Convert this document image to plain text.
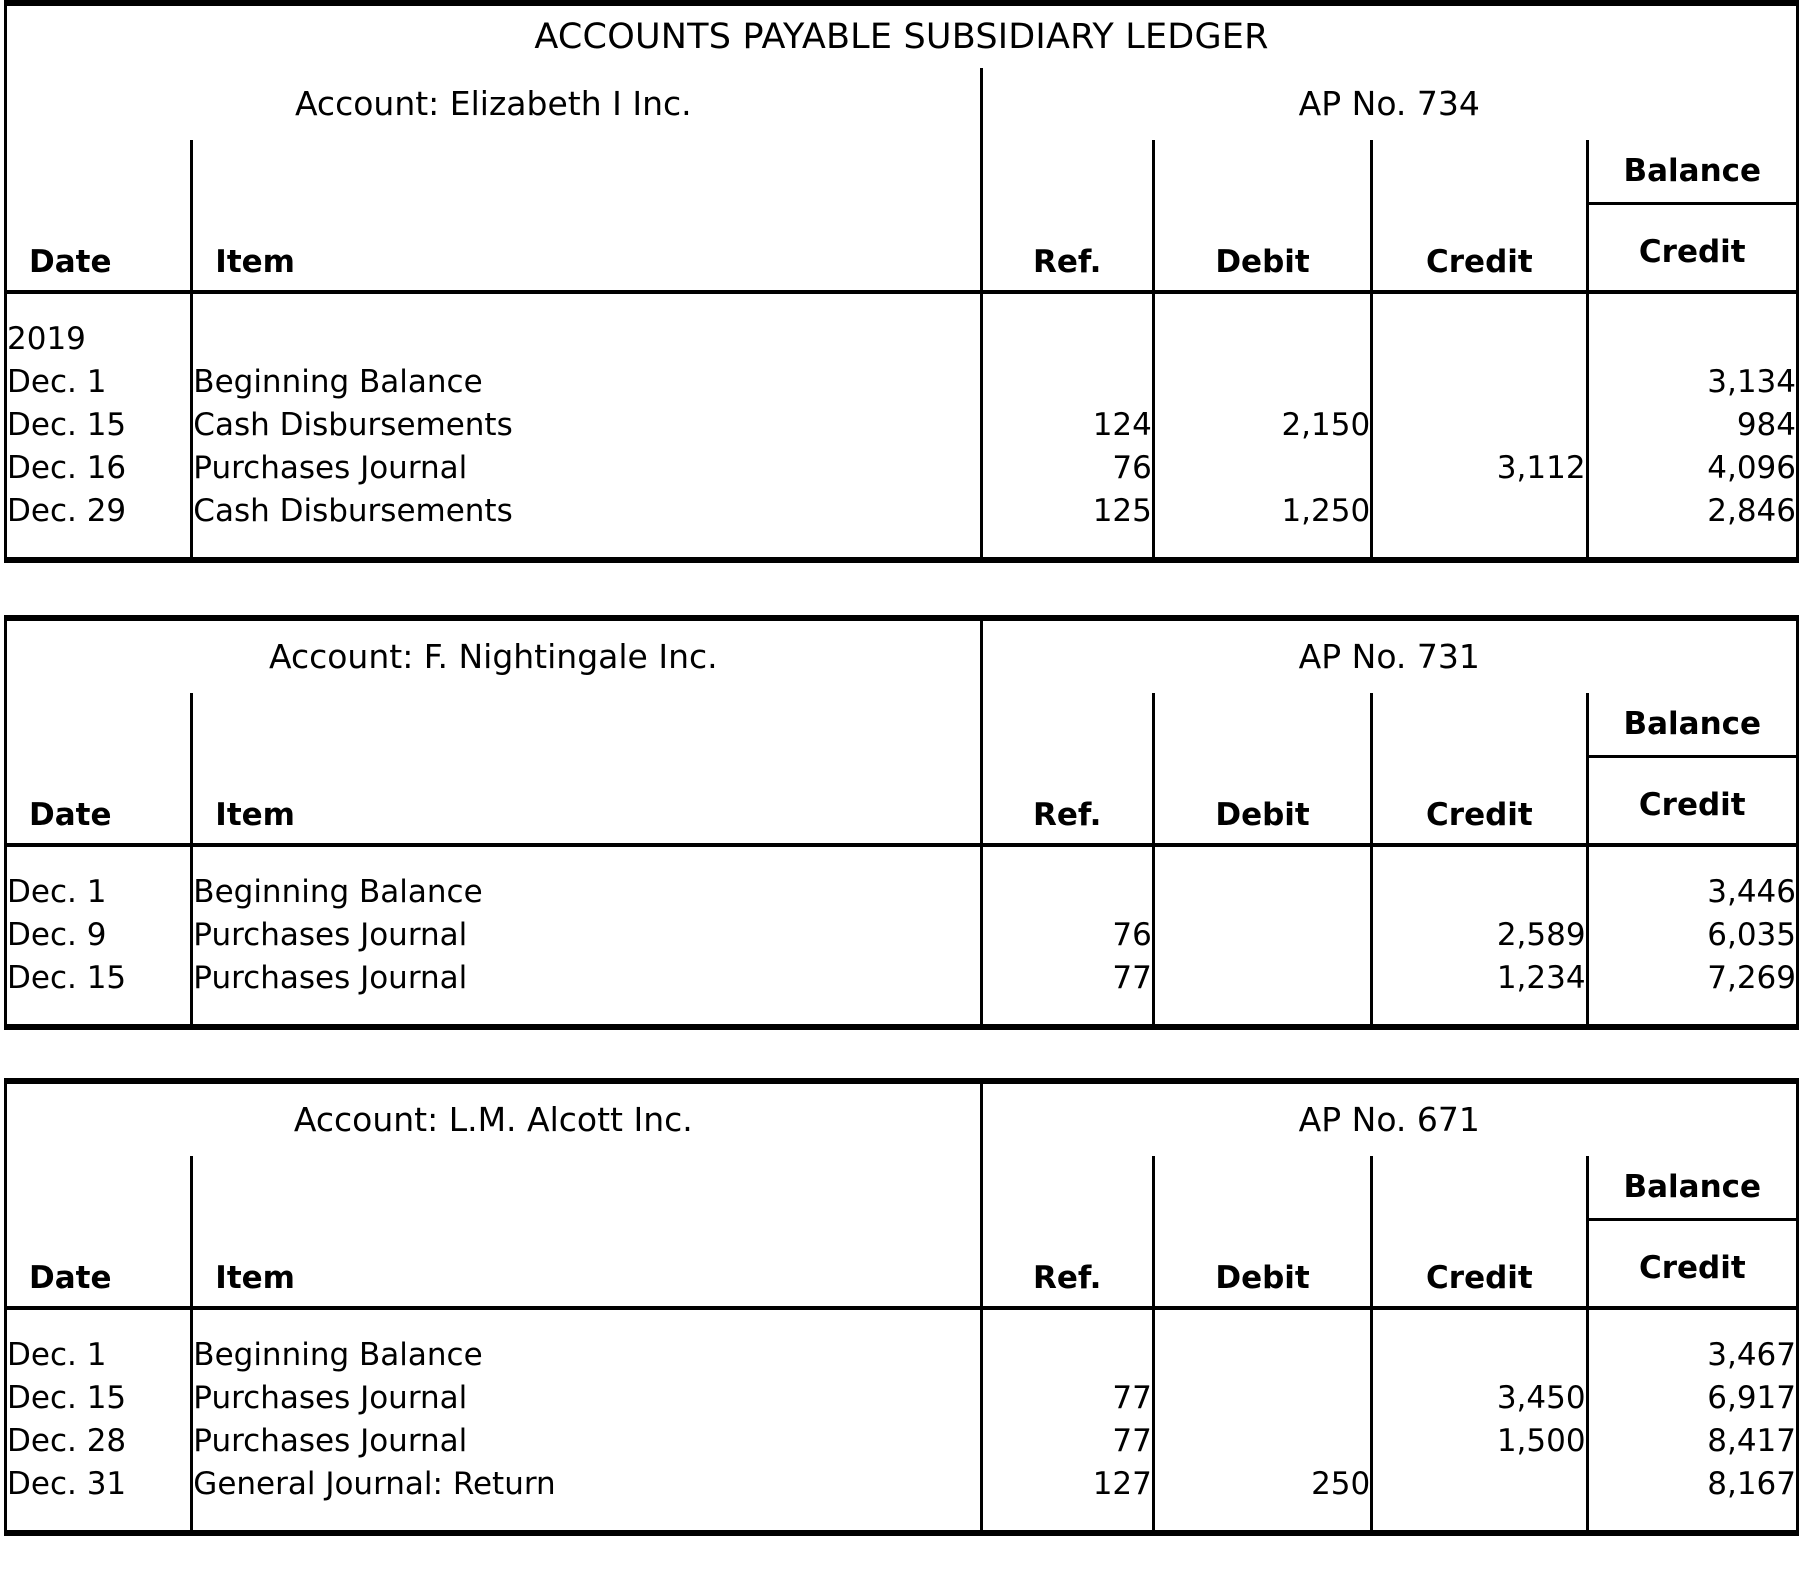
ACCOUNTS PAYABLE SUBSIDIARY LEDGER					
Account: Elizabeth I Inc.		AP No. 734			
Date	Item	Ref.	Debit	Credit	Balance
Credit

2019					
Dec. 1	Beginning Balance				3,134
Dec. 15	Cash Disbursements	124	2,150		984
Dec. 16	Purchases Journal	76		3,112	4,096
Dec. 29	Cash Disbursements	125	1,250		2,846

Account: F. Nightingale Inc.		AP No. 731			
Date	Item	Ref.	Debit	Credit	Balance
Credit

Dec. 1	Beginning Balance				3,446
Dec. 9	Purchases Journal	76		2,589	6,035
Dec. 15	Purchases Journal	77		1,234	7,269

Account: L.M. Alcott Inc.		AP No. 671			
Date	Item	Ref.	Debit	Credit	Balance
Credit

Dec. 1	Beginning Balance				3,467
Dec. 15	Purchases Journal	77		3,450	6,917
Dec. 28	Purchases Journal	77		1,500	8,417
Dec. 31	General Journal: Return	127	250		8,167
